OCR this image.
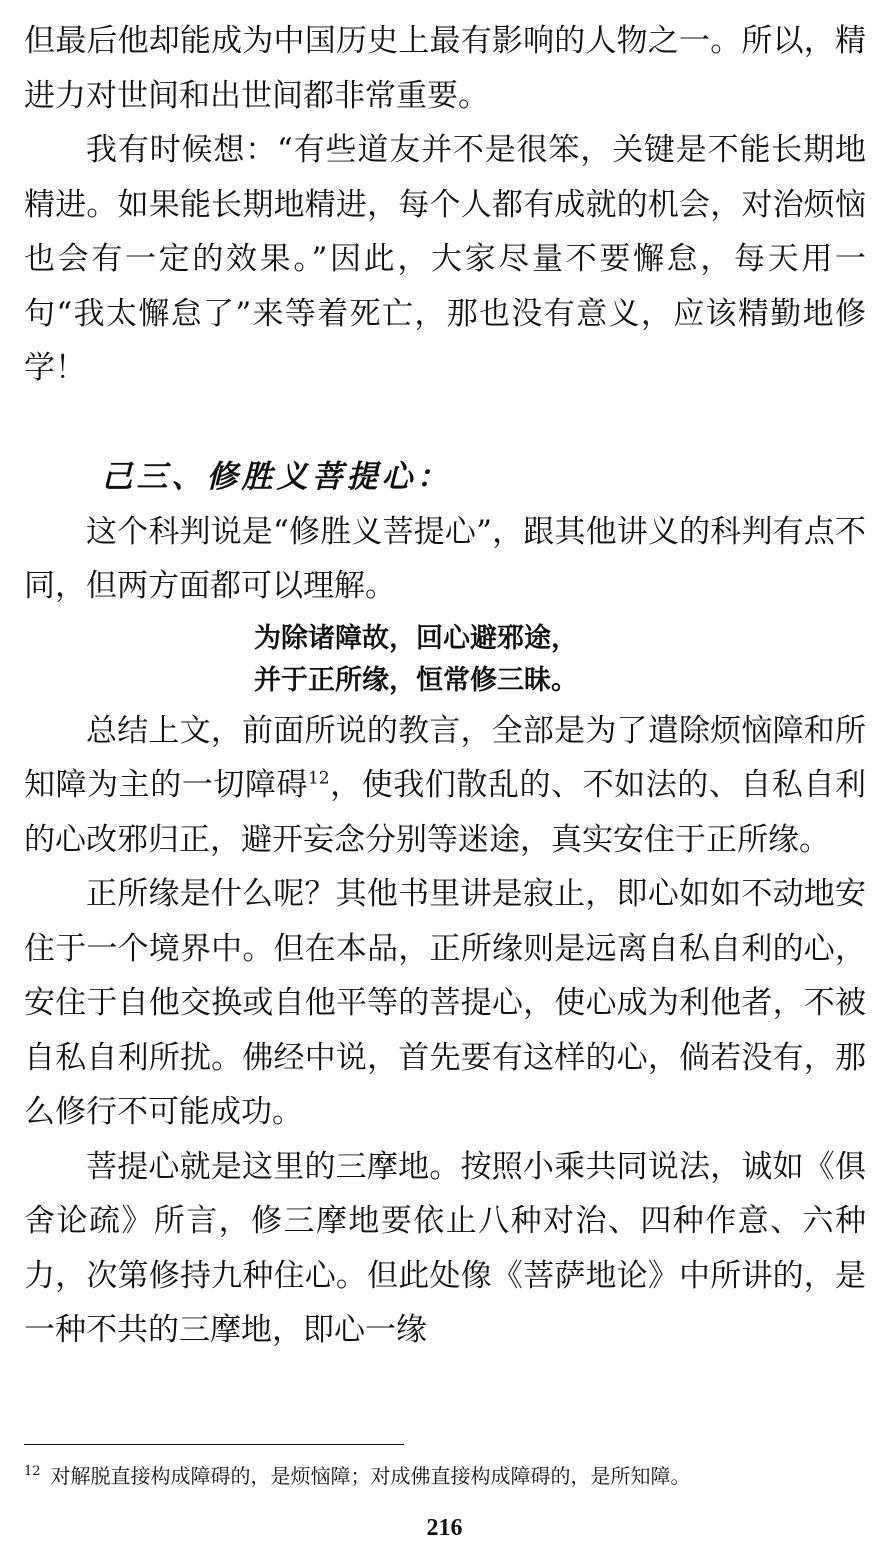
但最后他却能成为中国历史上最有影响的人物之一。所以，精进力对世间和出世间都非常重要。

我有时候想：“有些道友并不是很笨，关键是不能长期地精进。如果能长期地精进，每个人都有成就的机会，对治烦恼也会有一定的效果。”因此，大家尽量不要懈怠，每天用一句“我太懈怠了”来等着死亡，那也没有意义，应该精勤地修学！

己三、修胜义菩提心：

这个科判说是“修胜义菩提心”，跟其他讲义的科判有点不同，但两方面都可以理解。

为除诸障故，回心避邪途，

并于正所缘，恒常修三昧。

总结上文，前面所说的教言，全部是为了遣除烦恼障和所知障为主的一切障碍$^{12}$，使我们散乱的、不如法的、自私自利的心改邪归正，避开妄念分别等迷途，真实安住于正所缘。

正所缘是什么呢？其他书里讲是寂止，即心如如不动地安住于一个境界中。但在本品，正所缘则是远离自私自利的心，安住于自他交换或自他平等的菩提心，使心成为利他者，不被自私自利所扰。佛经中说，首先要有这样的心，倘若没有，那么修行不可能成功。

菩提心就是这里的三摩地。按照小乘共同说法，诚如《俱舍论疏》所言，修三摩地要依止八种对治、四种作意、六种力，次第修持九种住心。但此处像《菩萨地论》中所讲的，是一种不共的三摩地，即心一缘

$^{12}$ 对解脱直接构成障碍的，是烦恼障；对成佛直接构成障碍的，是所知障。
216
